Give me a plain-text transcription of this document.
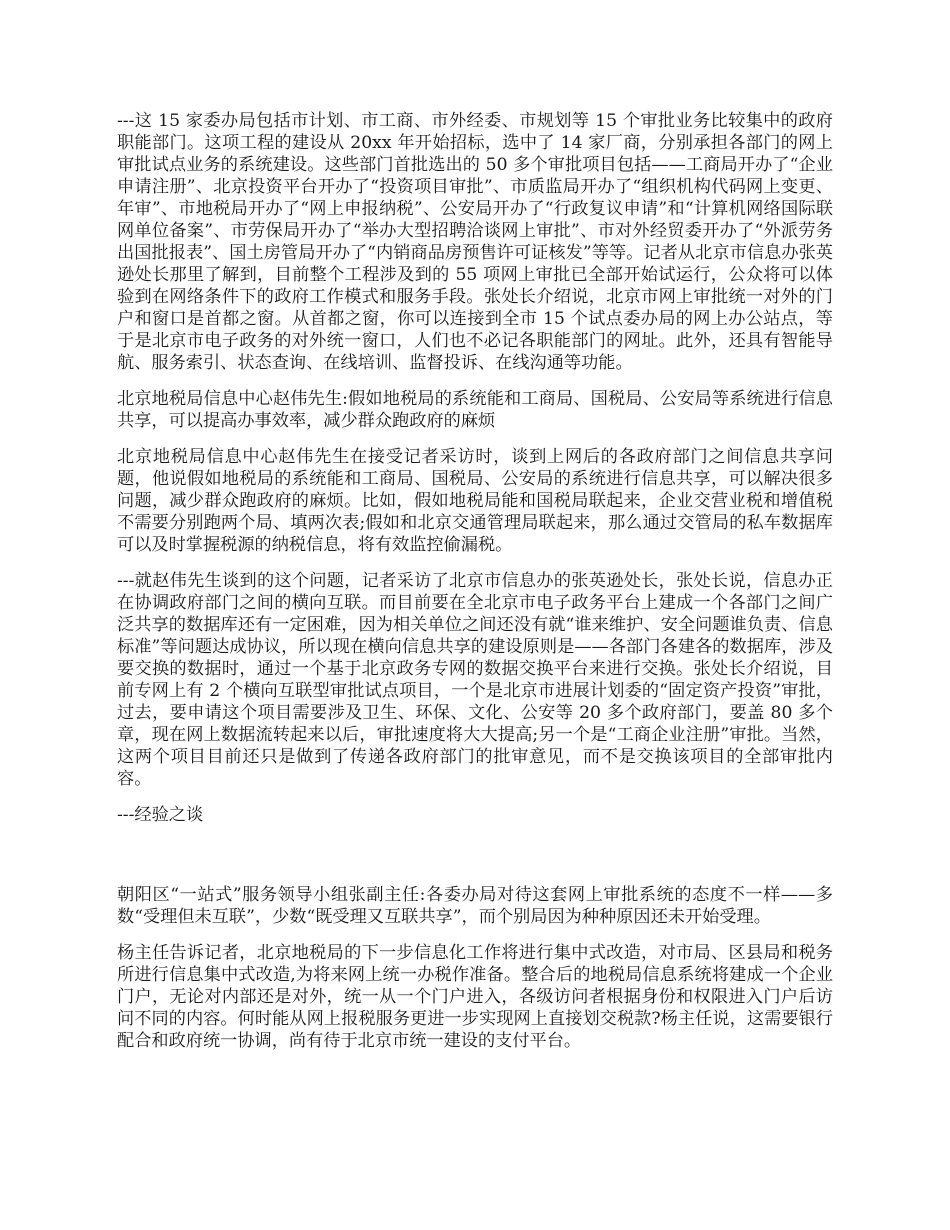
---这 15 家委办局包括市计划、市工商、市外经委、市规划等 15 个审批业务比较集中的政府职能部门。这项工程的建设从 20xx 年开始招标，选中了 14 家厂商，分别承担各部门的网上审批试点业务的系统建设。这些部门首批选出的 50 多个审批项目包括——工商局开办了“企业申请注册”、北京投资平台开办了“投资项目审批”、市质监局开办了“组织机构代码网上变更、年审”、市地税局开办了“网上申报纳税”、公安局开办了“行政复议申请”和“计算机网络国际联网单位备案”、市劳保局开办了“举办大型招聘洽谈网上审批”、市对外经贸委开办了“外派劳务出国批报表”、国土房管局开办了“内销商品房预售许可证核发”等等。记者从北京市信息办张英逊处长那里了解到，目前整个工程涉及到的 55 项网上审批已全部开始试运行，公众将可以体验到在网络条件下的政府工作模式和服务手段。张处长介绍说，北京市网上审批统一对外的门户和窗口是首都之窗。从首都之窗，你可以连接到全市 15 个试点委办局的网上办公站点，等于是北京市电子政务的对外统一窗口，人们也不必记各职能部门的网址。此外，还具有智能导航、服务索引、状态查询、在线培训、监督投诉、在线沟通等功能。

北京地税局信息中心赵伟先生:假如地税局的系统能和工商局、国税局、公安局等系统进行信息共享，可以提高办事效率，减少群众跑政府的麻烦

北京地税局信息中心赵伟先生在接受记者采访时，谈到上网后的各政府部门之间信息共享问题，他说假如地税局的系统能和工商局、国税局、公安局的系统进行信息共享，可以解决很多问题，减少群众跑政府的麻烦。比如，假如地税局能和国税局联起来，企业交营业税和增值税不需要分别跑两个局、填两次表;假如和北京交通管理局联起来，那么通过交管局的私车数据库可以及时掌握税源的纳税信息，将有效监控偷漏税。

---就赵伟先生谈到的这个问题，记者采访了北京市信息办的张英逊处长，张处长说，信息办正在协调政府部门之间的横向互联。而目前要在全北京市电子政务平台上建成一个各部门之间广泛共享的数据库还有一定困难，因为相关单位之间还没有就“谁来维护、安全问题谁负责、信息标准”等问题达成协议，所以现在横向信息共享的建设原则是——各部门各建各的数据库，涉及要交换的数据时，通过一个基于北京政务专网的数据交换平台来进行交换。张处长介绍说，目前专网上有 2 个横向互联型审批试点项目，一个是北京市进展计划委的“固定资产投资”审批，过去，要申请这个项目需要涉及卫生、环保、文化、公安等 20 多个政府部门，要盖 80 多个章，现在网上数据流转起来以后，审批速度将大大提高;另一个是“工商企业注册”审批。当然，这两个项目目前还只是做到了传递各政府部门的批审意见，而不是交换该项目的全部审批内容。

---经验之谈

朝阳区“一站式”服务领导小组张副主任:各委办局对待这套网上审批系统的态度不一样——多数“受理但未互联”，少数“既受理又互联共享”，而个别局因为种种原因还未开始受理。

杨主任告诉记者，北京地税局的下一步信息化工作将进行集中式改造，对市局、区县局和税务所进行信息集中式改造,为将来网上统一办税作准备。整合后的地税局信息系统将建成一个企业门户，无论对内部还是对外，统一从一个门户进入，各级访问者根据身份和权限进入门户后访问不同的内容。何时能从网上报税服务更进一步实现网上直接划交税款?杨主任说，这需要银行配合和政府统一协调，尚有待于北京市统一建设的支付平台。
